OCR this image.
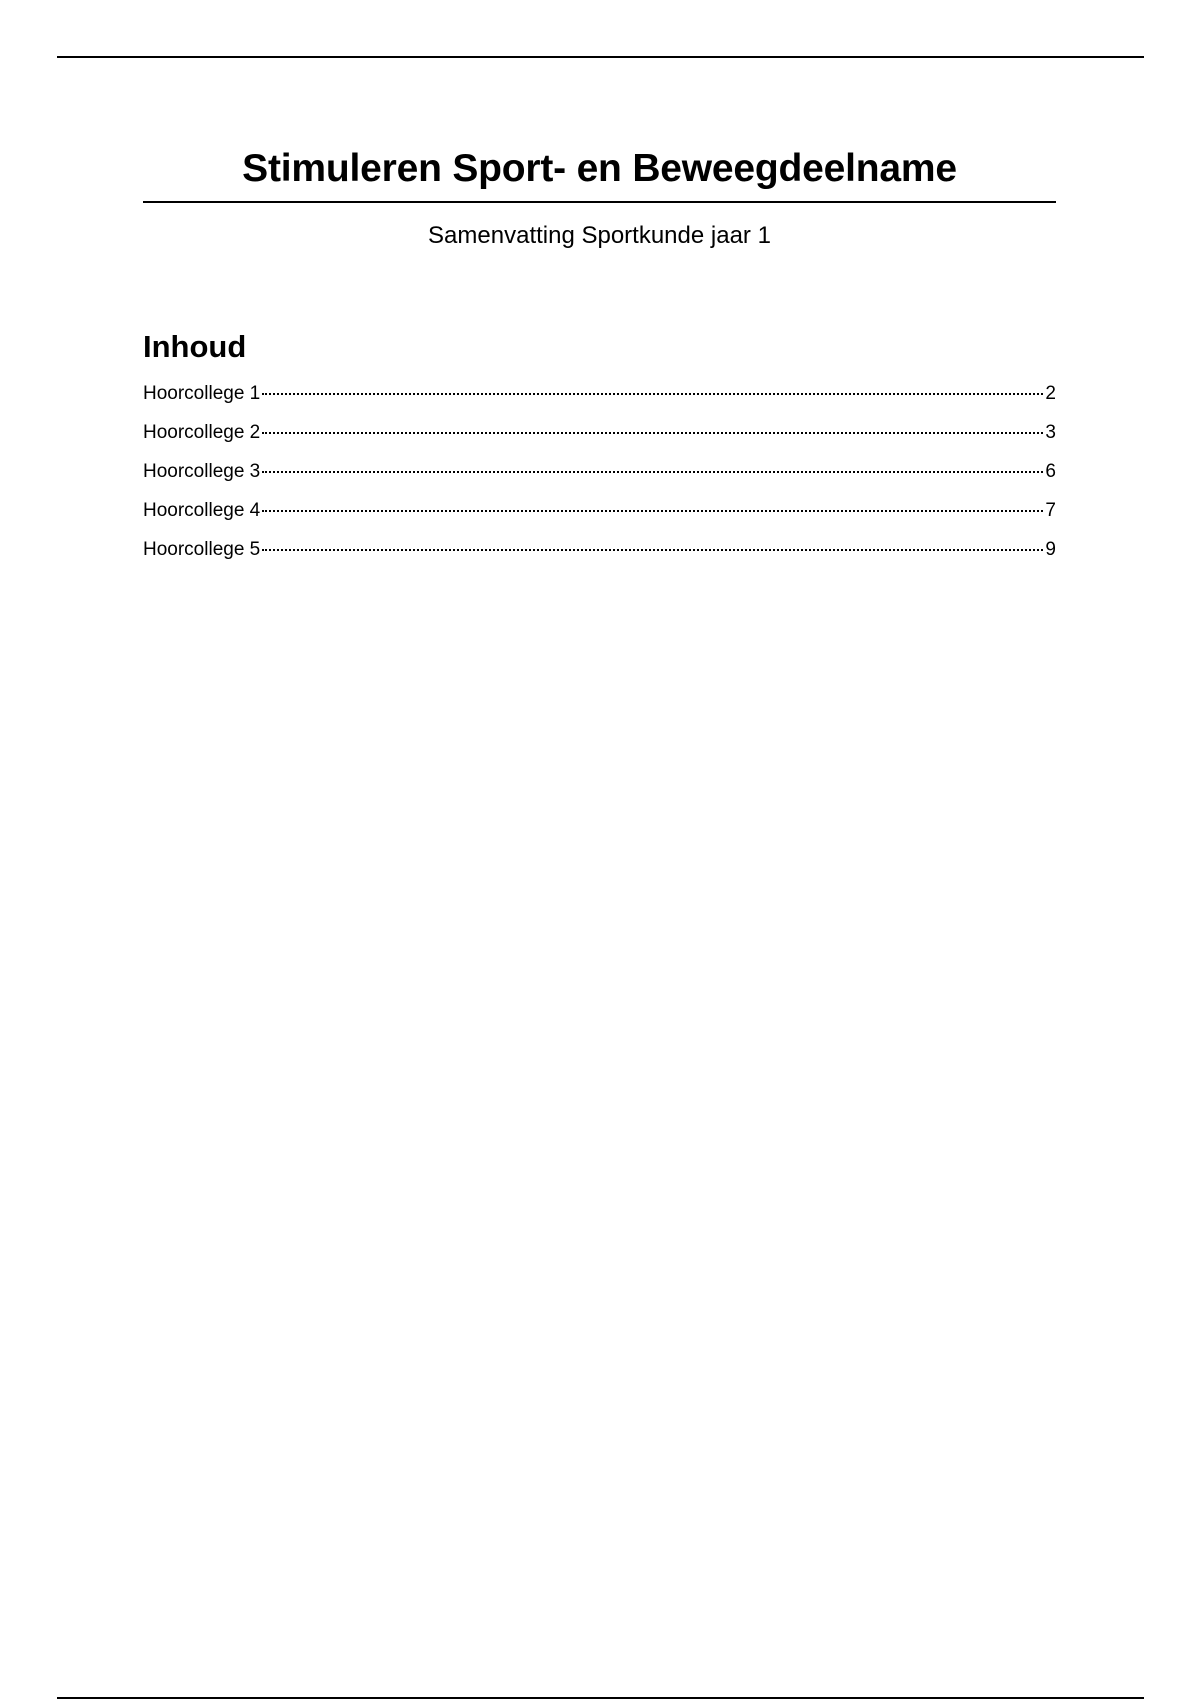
Stimuleren Sport- en Beweegdeelname

Samenvatting Sportkunde jaar 1

Inhoud
Hoorcollege 1	2
Hoorcollege 2	3
Hoorcollege 3	6
Hoorcollege 4	7
Hoorcollege 5	9
